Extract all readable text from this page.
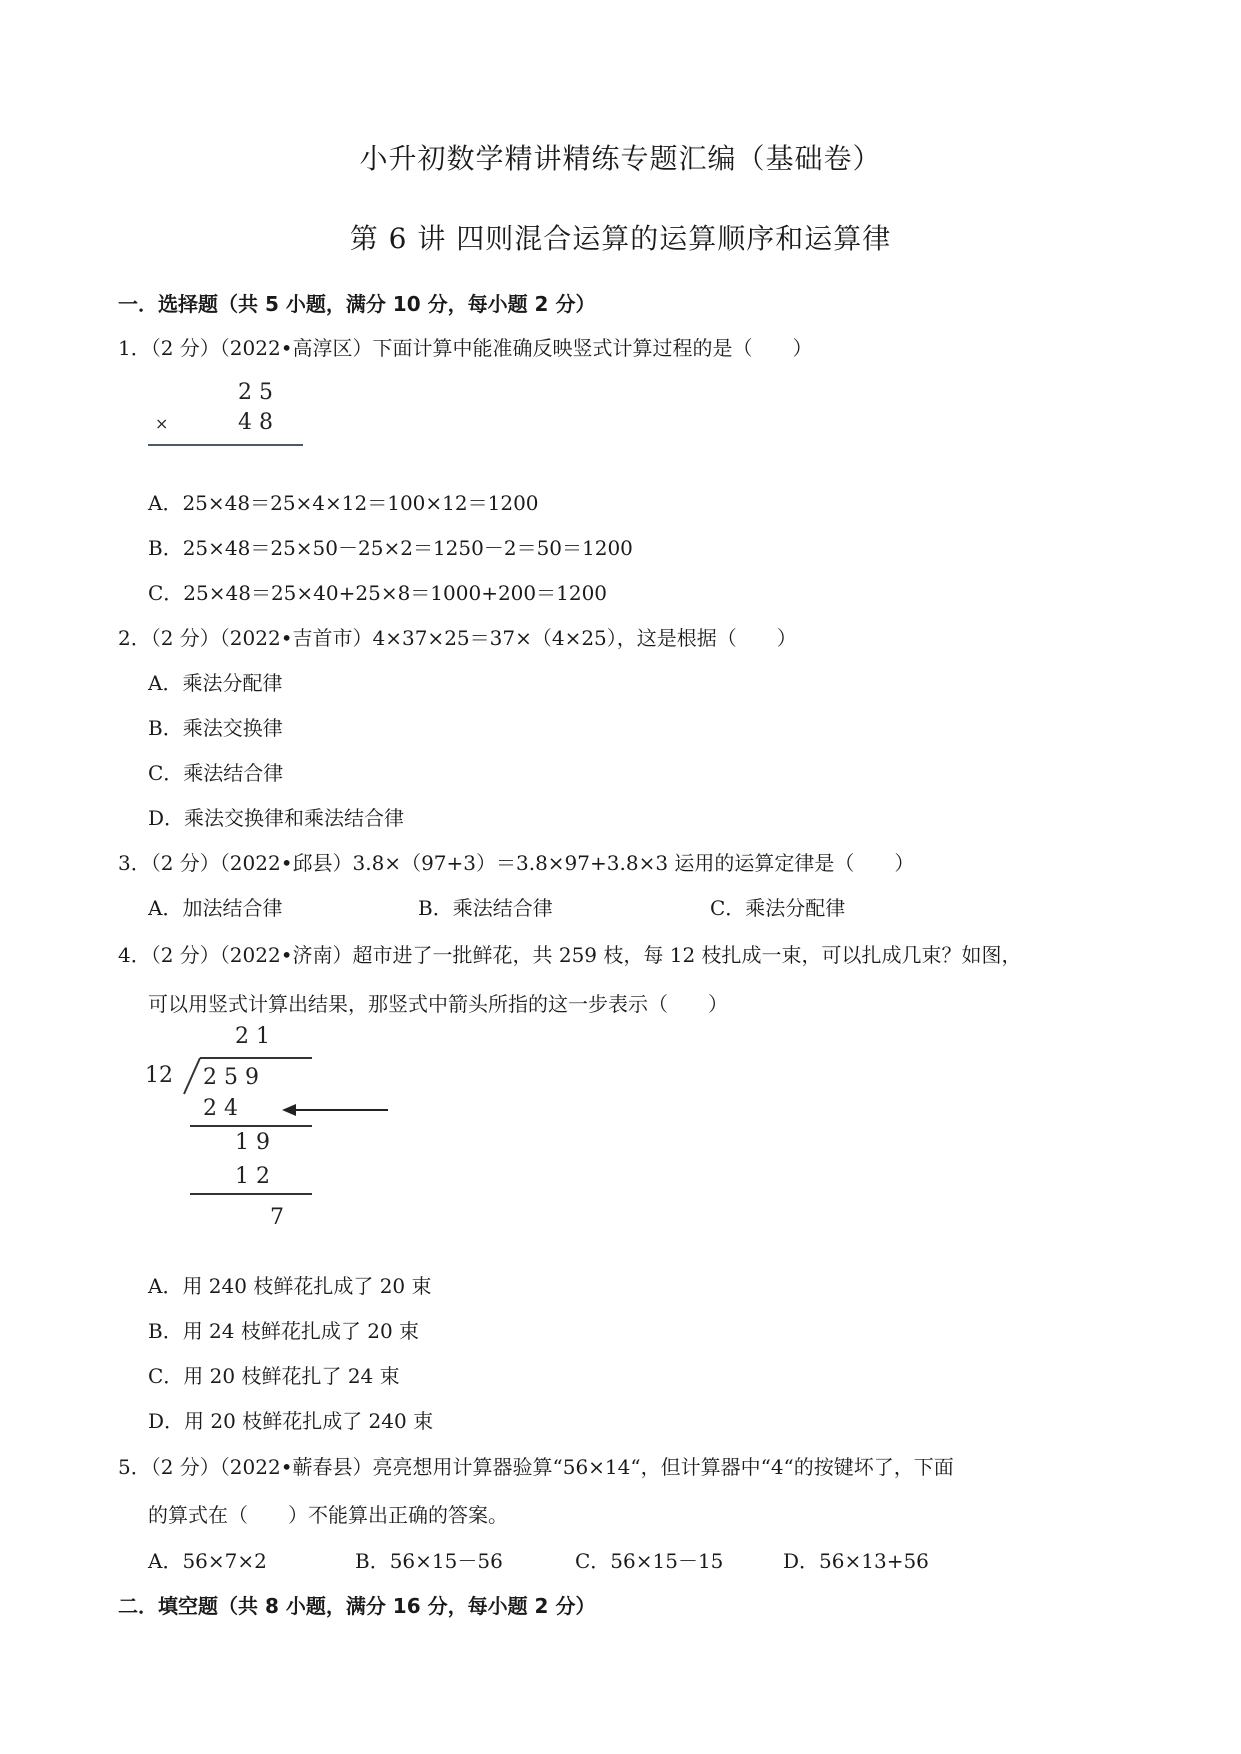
小升初数学精讲精练专题汇编（基础卷）
第 6 讲 四则混合运算的运算顺序和运算律
一．选择题（共 5 小题，满分 10 分，每小题 2 分）
1．（2 分）（2022•高淳区）下面计算中能准确反映竖式计算过程的是（　　）
2 5
×	4 8
A．25×48＝25×4×12＝100×12＝1200
B．25×48＝25×50－25×2＝1250－2＝50＝1200
C．25×48＝25×40+25×8＝1000+200＝1200
2．（2 分）（2022•吉首市）4×37×25＝37×（4×25），这是根据（　　）
A．乘法分配律
B．乘法交换律
C．乘法结合律
D．乘法交换律和乘法结合律
3．（2 分）（2022•邱县）3.8×（97+3）＝3.8×97+3.8×3 运用的运算定律是（　　）
A．加法结合律	B．乘法结合律	C．乘法分配律
4．（2 分）（2022•济南）超市进了一批鲜花，共 259 枝，每 12 枝扎成一束，可以扎成几束？如图，
可以用竖式计算出结果，那竖式中箭头所指的这一步表示（　　）
2 1
12 2 5 9
2 4
1 9
1 2
7
A．用 240 枝鲜花扎成了 20 束
B．用 24 枝鲜花扎成了 20 束
C．用 20 枝鲜花扎了 24 束
D．用 20 枝鲜花扎成了 240 束
5．（2 分）（2022•蕲春县）亮亮想用计算器验算“56×14“，但计算器中“4“的按键坏了，下面
的算式在（　　）不能算出正确的答案。
A．56×7×2	B．56×15－56	C．56×15－15	D．56×13+56
二．填空题（共 8 小题，满分 16 分，每小题 2 分）
